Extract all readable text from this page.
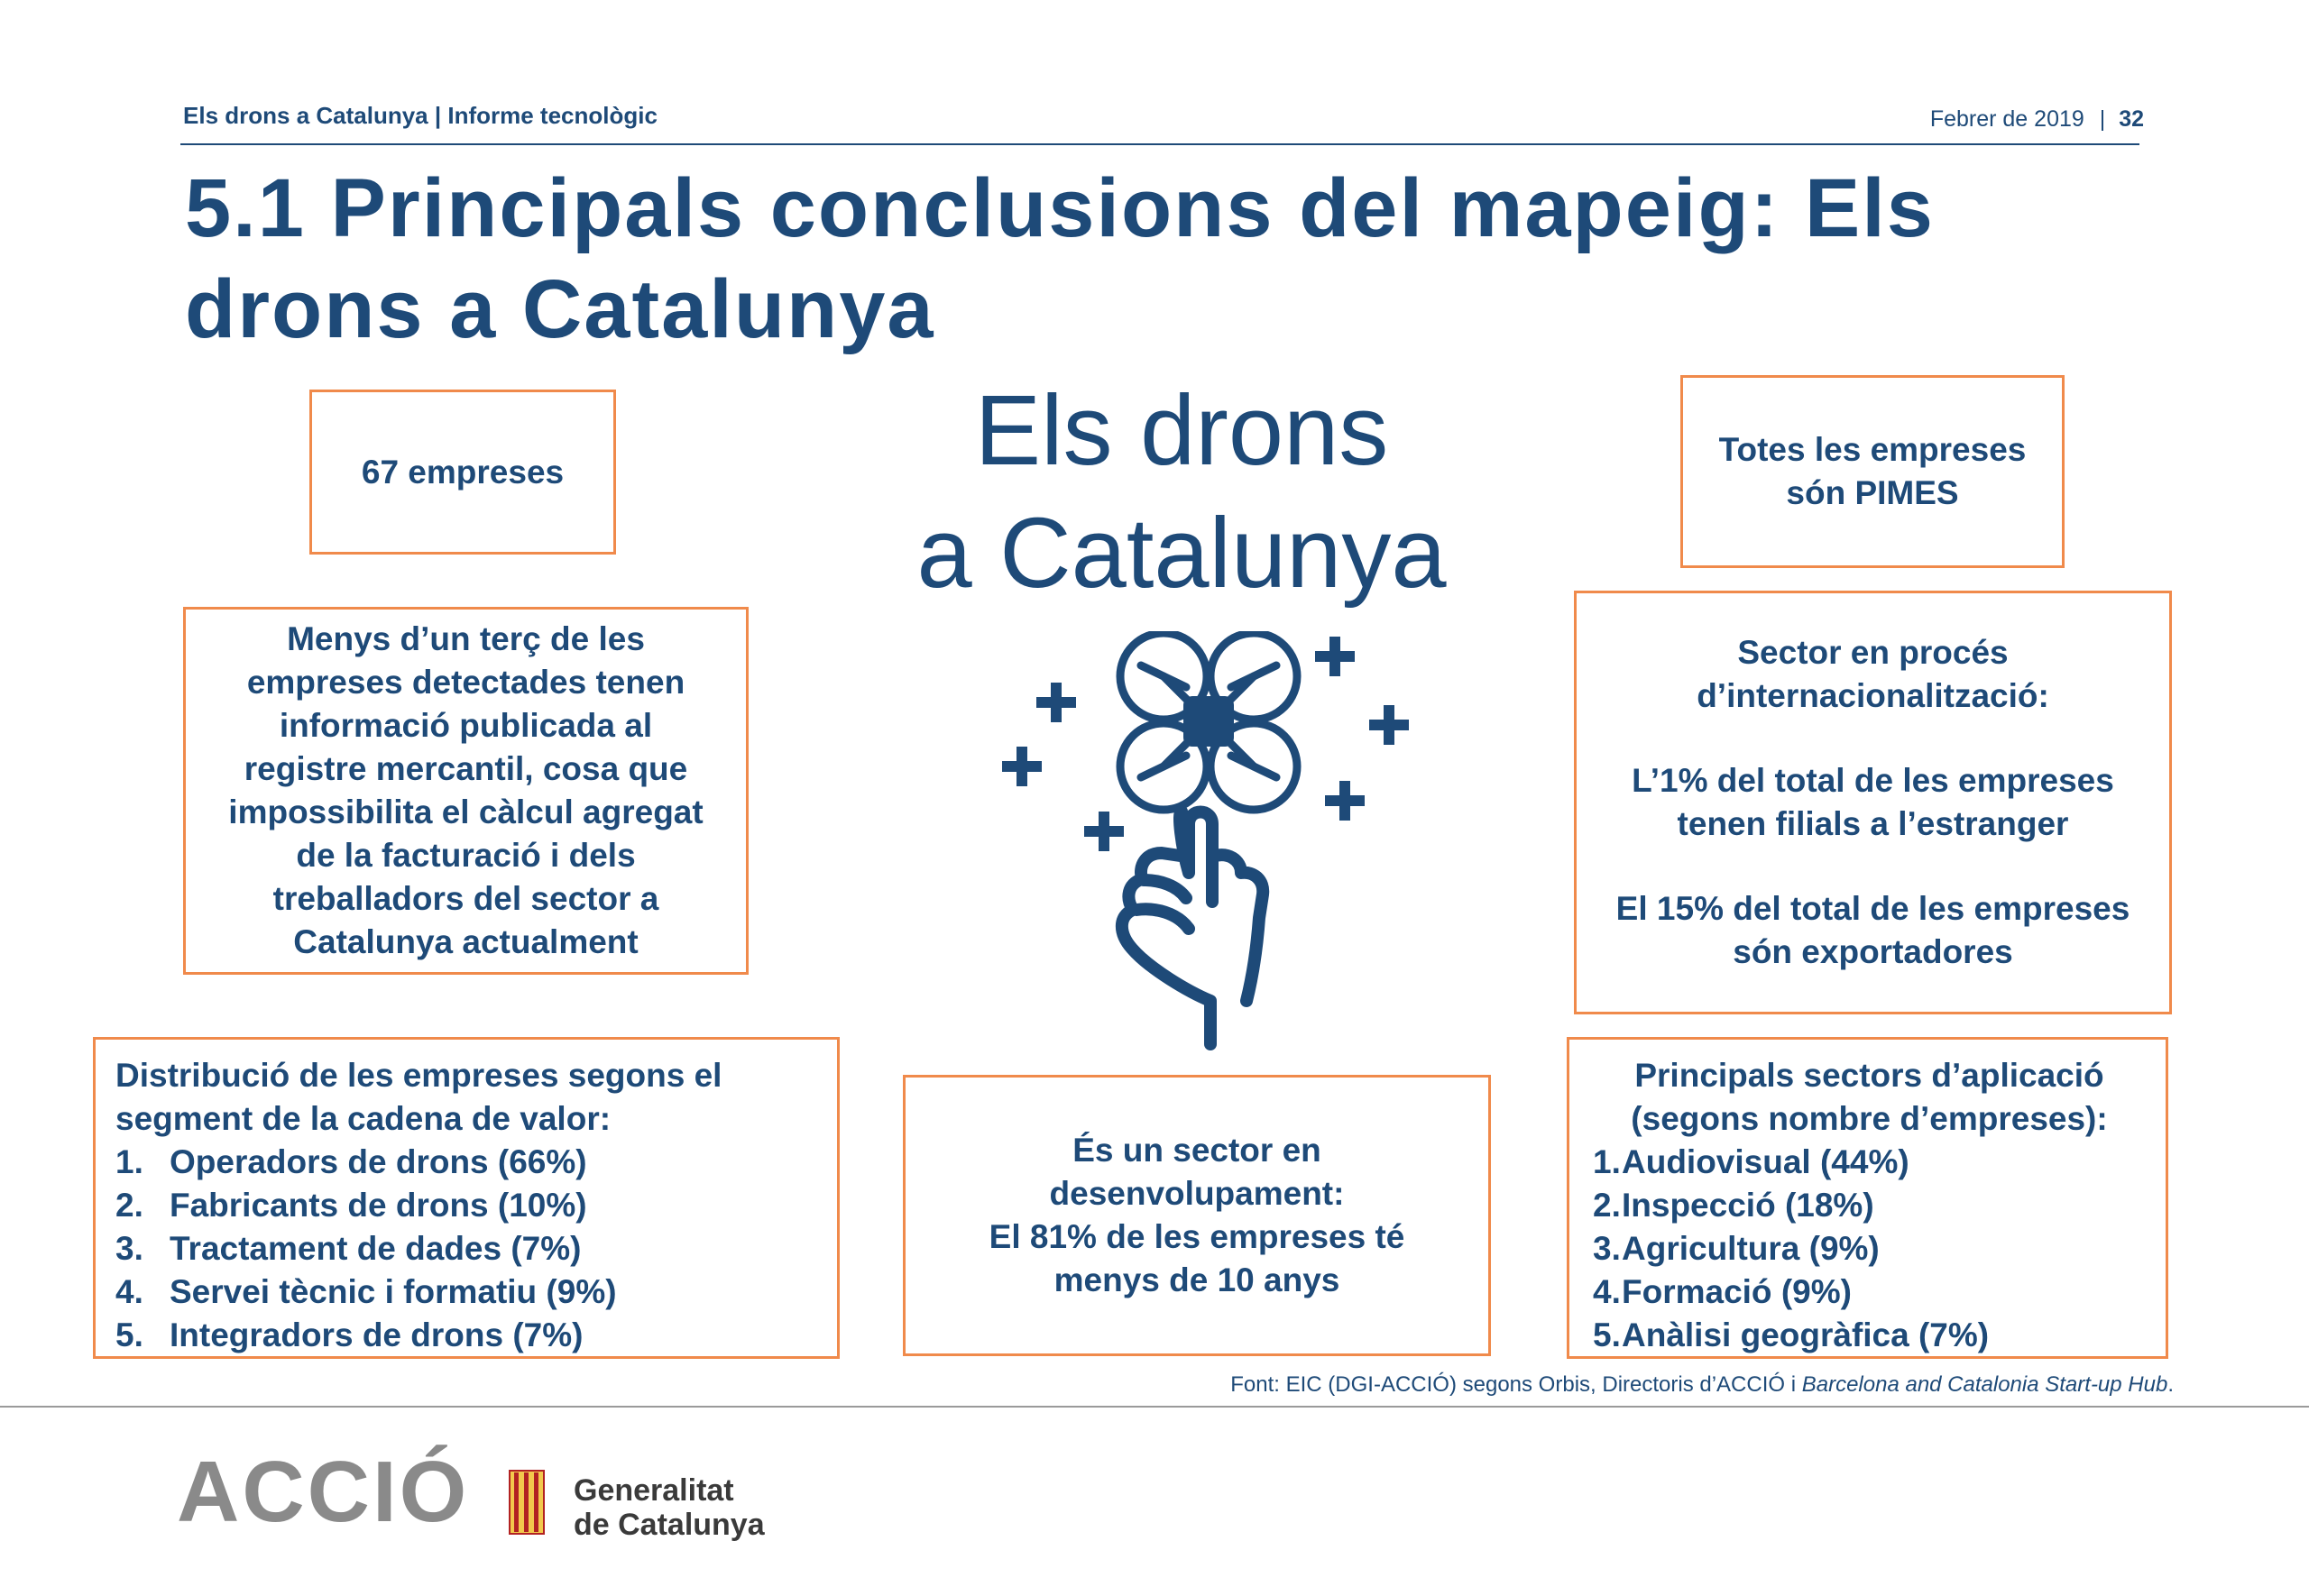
Els drons a Catalunya | Informe tecnològic	Febrer de 2019 | 32
5.1 Principals conclusions del mapeig: Els
drons a Catalunya
Els drons
a Catalunya

67 empreses

Totes les empreses

són PIMES

Menys d’un terç de les

empreses detectades tenen

informació publicada al

registre mercantil, cosa que

impossibilita el càlcul agregat

de la facturació i dels

treballadors del sector a

Catalunya actualment

Sector en procés

d’internacionalització:

L’1% del total de les empreses

tenen filials a l’estranger

El 15% del total de les empreses

són exportadores

Distribució de les empreses segons el

segment de la cadena de valor:

1. Operadors de drons (66%)
2. Fabricants de drons (10%)
3. Tractament de dades (7%)
4. Servei tècnic i formatiu (9%)
5. Integradors de drons (7%)

És un sector en

desenvolupament:

El 81% de les empreses té

menys de 10 anys

Principals sectors d’aplicació

(segons nombre d’empreses):

1. Audiovisual (44%)
2. Inspecció (18%)
3. Agricultura (9%)
4. Formació (9%)
5. Anàlisi geogràfica (7%)
Font: EIC (DGI-ACCIÓ) segons Orbis, Directoris d’ACCIÓ i Barcelona and Catalonia Start-up Hub.
ACCIÓ	Generalitat
de Catalunya
